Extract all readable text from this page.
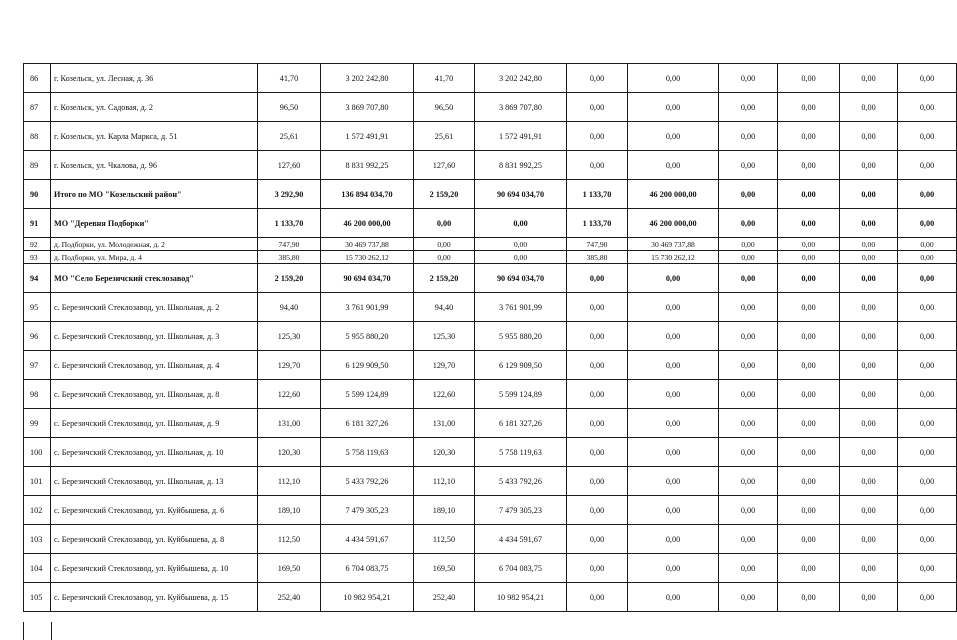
86	г. Козельск, ул. Лесная, д. 36	41,70	3 202 242,80	41,70	3 202 242,80	0,00	0,00	0,00	0,00	0,00	0,00
87	г. Козельск, ул. Садовая, д. 2	96,50	3 869 707,80	96,50	3 869 707,80	0,00	0,00	0,00	0,00	0,00	0,00
88	г. Козельск, ул. Карла Маркса, д. 51	25,61	1 572 491,91	25,61	1 572 491,91	0,00	0,00	0,00	0,00	0,00	0,00
89	г. Козельск, ул. Чкалова, д. 96	127,60	8 831 992,25	127,60	8 831 992,25	0,00	0,00	0,00	0,00	0,00	0,00
90	Итого по МО "Козельский район"	3 292,90	136 894 034,70	2 159,20	90 694 034,70	1 133,70	46 200 000,00	0,00	0,00	0,00	0,00
91	МО "Деревня Подборки"	1 133,70	46 200 000,00	0,00	0,00	1 133,70	46 200 000,00	0,00	0,00	0,00	0,00
92	д. Подборки, ул. Молодежная, д. 2	747,90	30 469 737,88	0,00	0,00	747,90	30 469 737,88	0,00	0,00	0,00	0,00
93	д. Подборки, ул. Мира, д. 4	385,80	15 730 262,12	0,00	0,00	385,80	15 730 262,12	0,00	0,00	0,00	0,00
94	МО "Село Березичский стеклозавод"	2 159,20	90 694 034,70	2 159,20	90 694 034,70	0,00	0,00	0,00	0,00	0,00	0,00
95	с. Березичский Стеклозавод, ул. Школьная, д. 2	94,40	3 761 901,99	94,40	3 761 901,99	0,00	0,00	0,00	0,00	0,00	0,00
96	с. Березичский Стеклозавод, ул. Школьная, д. 3	125,30	5 955 880,20	125,30	5 955 880,20	0,00	0,00	0,00	0,00	0,00	0,00
97	с. Березичский Стеклозавод, ул. Школьная, д. 4	129,70	6 129 909,50	129,70	6 129 909,50	0,00	0,00	0,00	0,00	0,00	0,00
98	с. Березичский Стеклозавод, ул. Школьная, д. 8	122,60	5 599 124,89	122,60	5 599 124,89	0,00	0,00	0,00	0,00	0,00	0,00
99	с. Березичский Стеклозавод, ул. Школьная, д. 9	131,00	6 181 327,26	131,00	6 181 327,26	0,00	0,00	0,00	0,00	0,00	0,00
100	с. Березичский Стеклозавод, ул. Школьная, д. 10	120,30	5 758 119,63	120,30	5 758 119,63	0,00	0,00	0,00	0,00	0,00	0,00
101	с. Березичский Стеклозавод, ул. Школьная, д. 13	112,10	5 433 792,26	112,10	5 433 792,26	0,00	0,00	0,00	0,00	0,00	0,00
102	с. Березичский Стеклозавод, ул. Куйбышева, д. 6	189,10	7 479 305,23	189,10	7 479 305,23	0,00	0,00	0,00	0,00	0,00	0,00
103	с. Березичский Стеклозавод, ул. Куйбышева, д. 8	112,50	4 434 591,67	112,50	4 434 591,67	0,00	0,00	0,00	0,00	0,00	0,00
104	с. Березичский Стеклозавод, ул. Куйбышева, д. 10	169,50	6 704 083,75	169,50	6 704 083,75	0,00	0,00	0,00	0,00	0,00	0,00
105	с. Березичский Стеклозавод, ул. Куйбышева, д. 15	252,40	10 982 954,21	252,40	10 982 954,21	0,00	0,00	0,00	0,00	0,00	0,00
